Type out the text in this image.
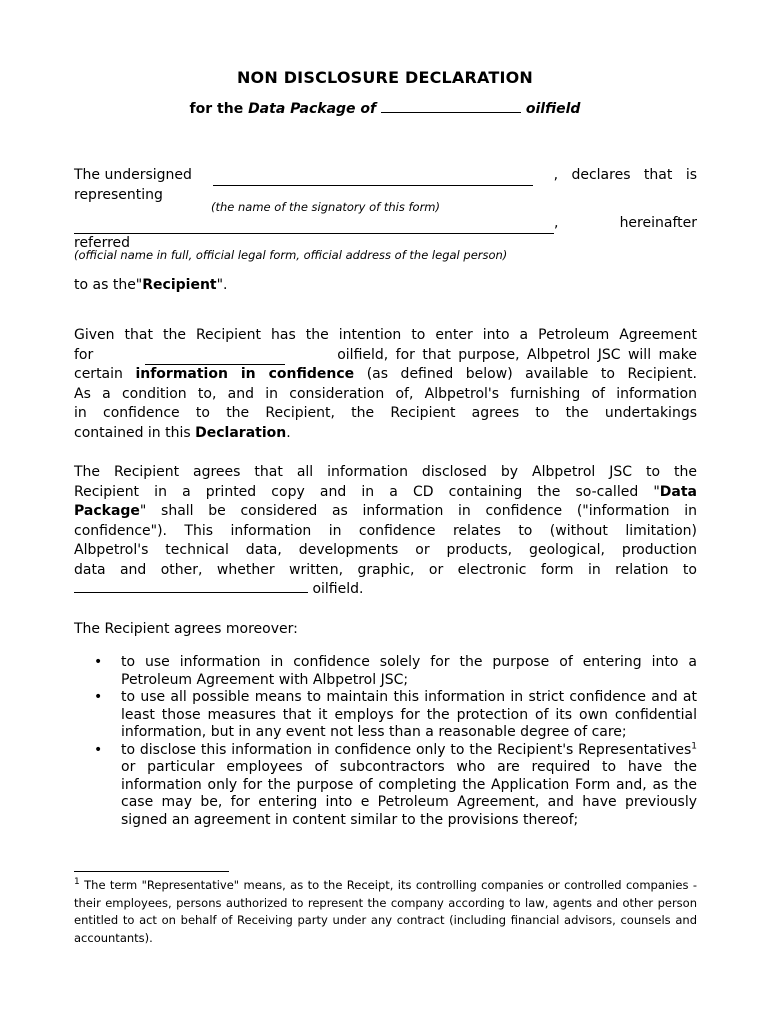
NON DISCLOSURE DECLARATION
for the Data Package of	oilfield
The undersigned	, declares that is
representing
(the name of the signatory of this form)
,	hereinafter
referred
(official name in full, official legal form, official address of the legal person)
to as the"Recipient".
Given that the Recipient has the intention to enter into a Petroleum Agreement
for	oilfield, for that purpose, Albpetrol JSC will make
certain information in confidence (as defined below) available to Recipient.
As a condition to, and in consideration of, Albpetrol's furnishing of information
in confidence to the Recipient, the Recipient agrees to the undertakings
contained in this Declaration.
The Recipient agrees that all information disclosed by Albpetrol JSC to the
Recipient in a printed copy and in a CD containing the so-called "Data
Package" shall be considered as information in confidence ("information in
confidence"). This information in confidence relates to (without limitation)
Albpetrol's technical data, developments or products, geological, production
data and other, whether written, graphic, or electronic form in relation to
oilfield.
The Recipient agrees moreover:
• to use information in confidence solely for the purpose of entering into a Petroleum Agreement with Albpetrol JSC;
• to use all possible means to maintain this information in strict confidence and at least those measures that it employs for the protection of its own confidential information, but in any event not less than a reasonable degree of care;
• to disclose this information in confidence only to the Recipient's Representatives$^1$ or particular employees of subcontractors who are required to have the information only for the purpose of completing the Application Form and, as the case may be, for entering into e Petroleum Agreement, and have previously signed an agreement in content similar to the provisions thereof;
$^1$ The term "Representative" means, as to the Receipt, its controlling companies or controlled companies - their employees, persons authorized to represent the company according to law, agents and other person entitled to act on behalf of Receiving party under any contract (including financial advisors, counsels and accountants).
